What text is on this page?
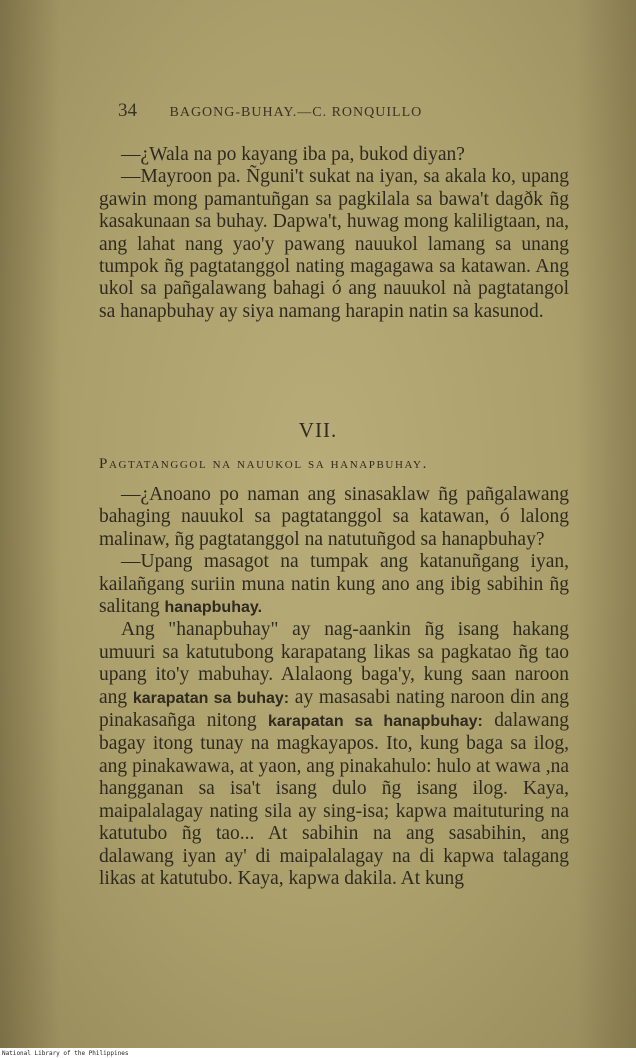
34 BAGONG-BUHAY.—C. RONQUILLO

—¿Wala na po kayang iba pa, bukod diyan?

—Mayroon pa. Ñguni't sukat na iyan, sa akala ko, upang gawin mong pamantuñgan sa pagkilala sa bawa't dagðk ñg kasakunaan sa buhay. Dapwa't, huwag mong kaliligtaan, na, ang lahat nang yao'y pawang nauukol lamang sa unang tumpok ñg pagtatanggol nating magagawa sa katawan. Ang ukol sa pañgalawang bahagi ó ang nauukol nà pagtatangol sa hanapbuhay ay siya namang harapin natin sa kasunod.

VII.
Pagtatanggol na nauukol sa hanapbuhay.

—¿Anoano po naman ang sinasaklaw ñg pañgalawang bahaging nauukol sa pagtatanggol sa katawan, ó lalong malinaw, ñg pagtatanggol na natutuñgod sa hanapbuhay?

—Upang masagot na tumpak ang katanuñgang iyan, kailañgang suriin muna natin kung ano ang ibig sabihin ñg salitang hanapbuhay.

Ang "hanapbuhay" ay nag-aankin ñg isang hakang umuuri sa katutubong karapatang likas sa pagkatao ñg tao upang ito'y mabuhay. Alalaong baga'y, kung saan naroon ang karapatan sa buhay: ay masasabi nating naroon din ang pinakasañga nitong karapatan sa hanapbuhay: dalawang bagay itong tunay na magkayapos. Ito, kung baga sa ilog, ang pinakawawa, at yaon, ang pinakahulo: hulo at wawa ,na hangganan sa isa't isang dulo ñg isang ilog. Kaya, maipalalagay nating sila ay sing-isa; kapwa maituturing na katutubo ñg tao... At sabihin na ang sasabihin, ang dalawang iyan ay' di maipalalagay na di kapwa talagang likas at katutubo. Kaya, kapwa dakila. At kung

National Library of the Philippines
